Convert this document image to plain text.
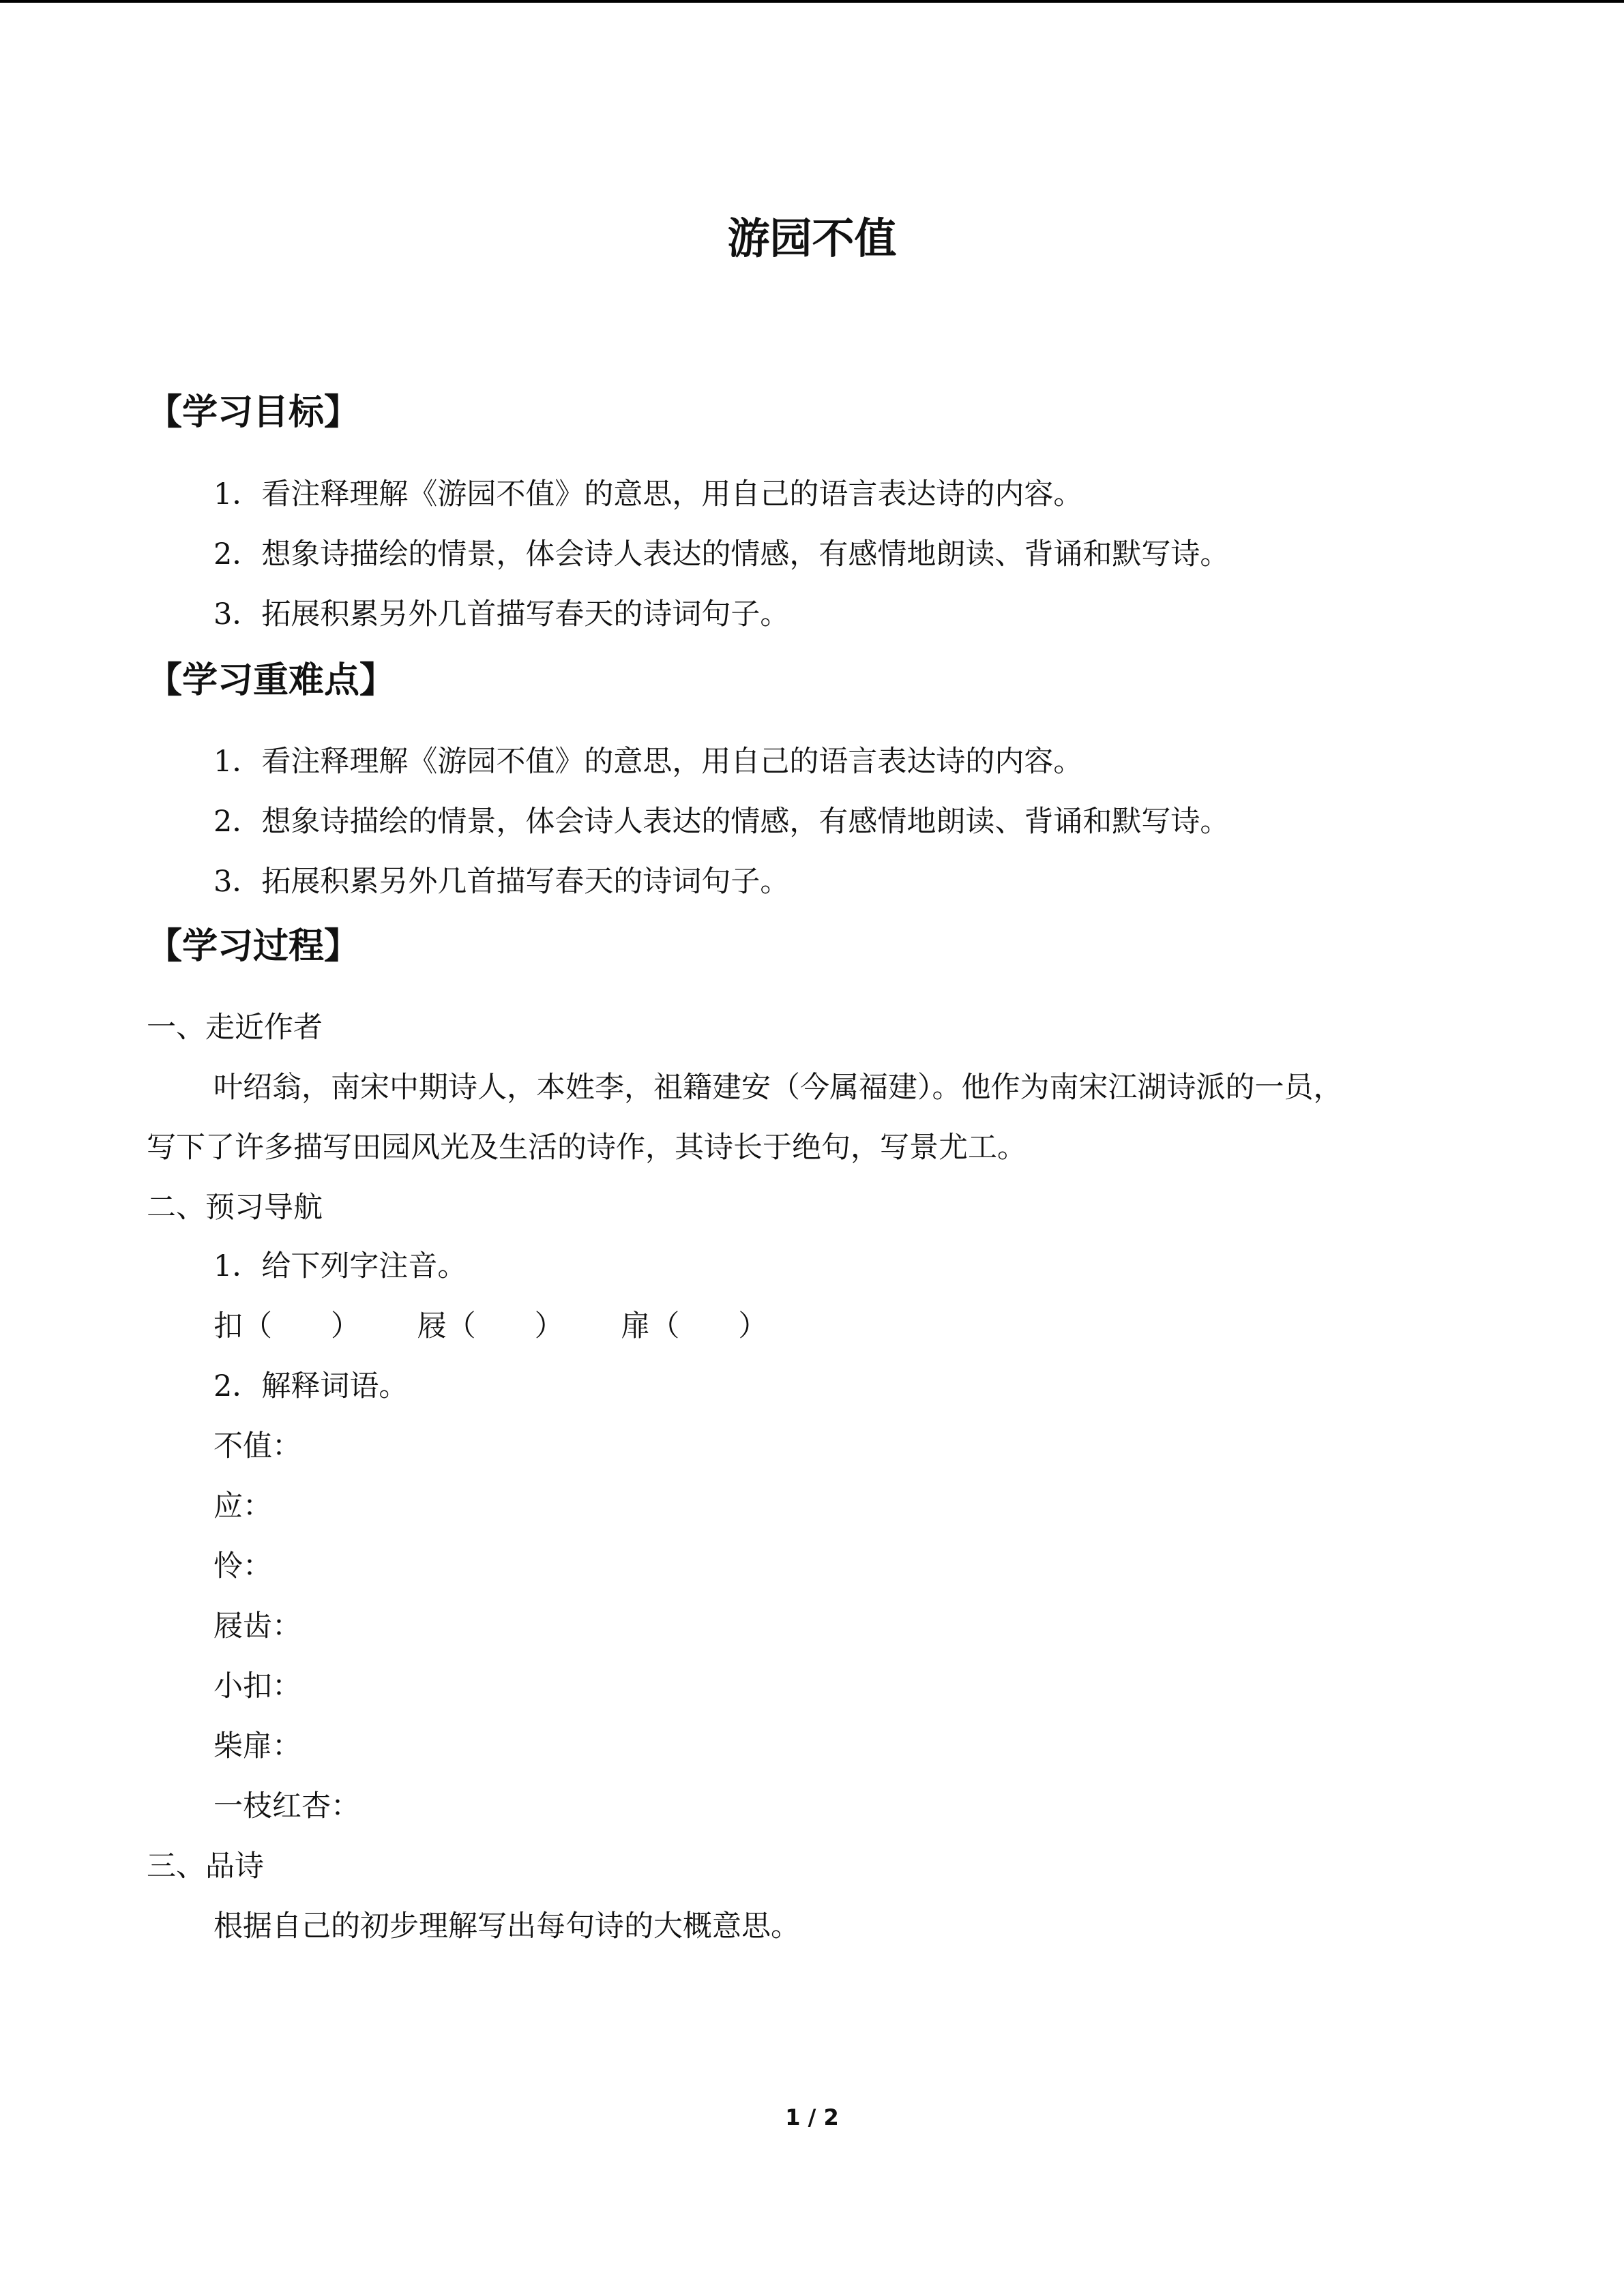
游园不值
【学习目标】
1．看注释理解《游园不值》的意思，用自己的语言表达诗的内容。
2．想象诗描绘的情景，体会诗人表达的情感，有感情地朗读、背诵和默写诗。
3．拓展积累另外几首描写春天的诗词句子。
【学习重难点】
1．看注释理解《游园不值》的意思，用自己的语言表达诗的内容。
2．想象诗描绘的情景，体会诗人表达的情感，有感情地朗读、背诵和默写诗。
3．拓展积累另外几首描写春天的诗词句子。
【学习过程】
一、走近作者
叶绍翁，南宋中期诗人，本姓李，祖籍建安（今属福建）。他作为南宋江湖诗派的一员，
写下了许多描写田园风光及生活的诗作，其诗长于绝句，写景尤工。
二、预习导航
1．给下列字注音。
扣（　　） 屐（　　） 扉（　　）
2．解释词语。
不值：
应：
怜：
屐齿：
小扣：
柴扉：
一枝红杏：
三、品诗
根据自己的初步理解写出每句诗的大概意思。
1 / 2
